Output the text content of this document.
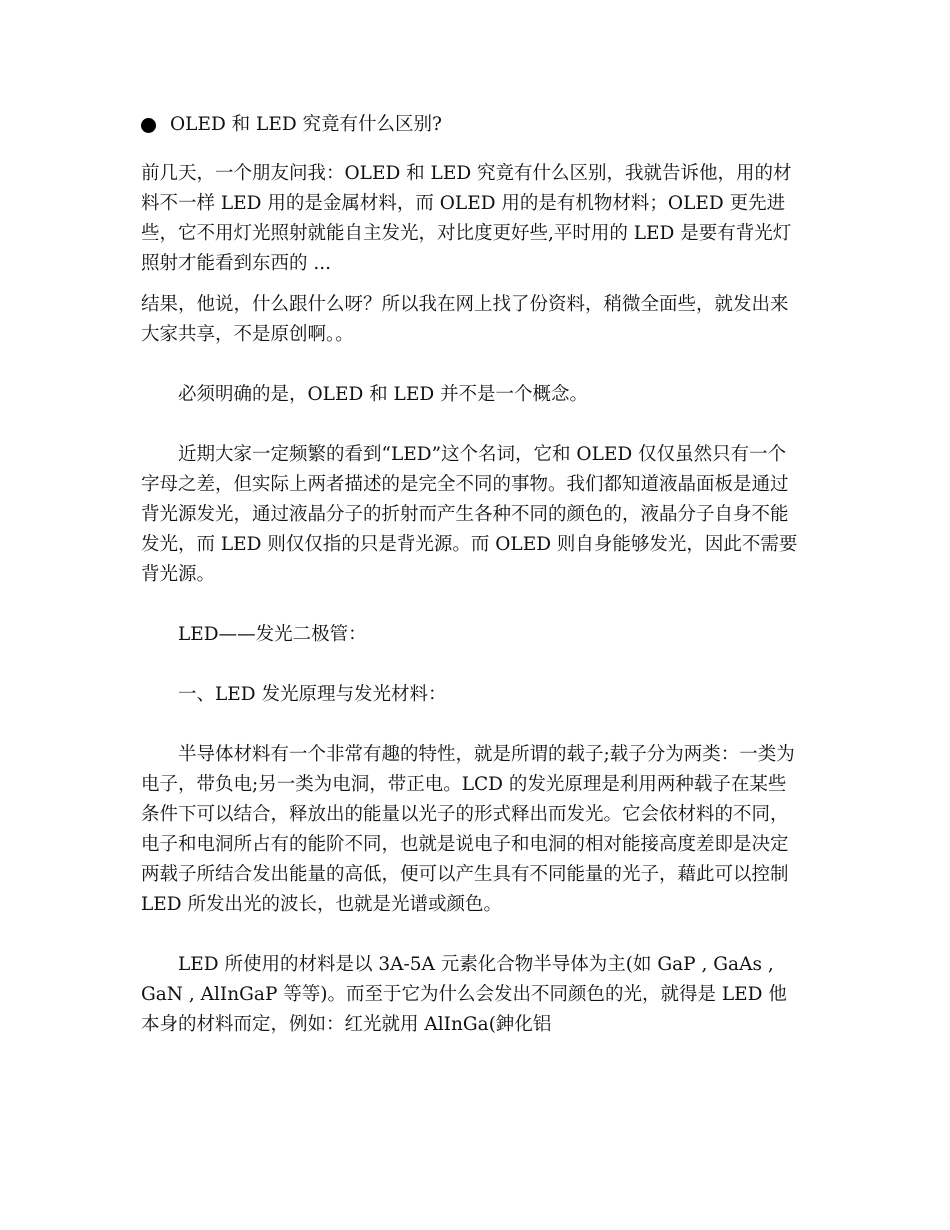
OLED 和 LED 究竟有什么区别?

前几天，一个朋友问我：OLED 和 LED 究竟有什么区别，我就告诉他，用的材料不一样 LED 用的是金属材料，而 OLED 用的是有机物材料；OLED 更先进些，它不用灯光照射就能自主发光，对比度更好些,平时用的 LED 是要有背光灯照射才能看到东西的 ...

结果，他说，什么跟什么呀？所以我在网上找了份资料，稍微全面些，就发出来大家共享，不是原创啊。。

必须明确的是，OLED 和 LED 并不是一个概念。

近期大家一定频繁的看到“LED”这个名词，它和 OLED 仅仅虽然只有一个字母之差，但实际上两者描述的是完全不同的事物。我们都知道液晶面板是通过背光源发光，通过液晶分子的折射而产生各种不同的颜色的，液晶分子自身不能发光，而 LED 则仅仅指的只是背光源。而 OLED 则自身能够发光，因此不需要背光源。

LED——发光二极管：

一、LED 发光原理与发光材料：

半导体材料有一个非常有趣的特性，就是所谓的载子;载子分为两类：一类为电子，带负电;另一类为电洞，带正电。LCD 的发光原理是利用两种载子在某些条件下可以结合，释放出的能量以光子的形式释出而发光。它会依材料的不同，电子和电洞所占有的能阶不同，也就是说电子和电洞的相对能接高度差即是决定两载子所结合发出能量的高低，便可以产生具有不同能量的光子，藉此可以控制 LED 所发出光的波长，也就是光谱或颜色。

LED 所使用的材料是以 3A-5A 元素化合物半导体为主(如 GaP , GaAs , GaN , AlInGaP 等等)。而至于它为什么会发出不同颜色的光，就得是 LED 他本身的材料而定，例如：红光就用 AlInGa(鉮化铝
